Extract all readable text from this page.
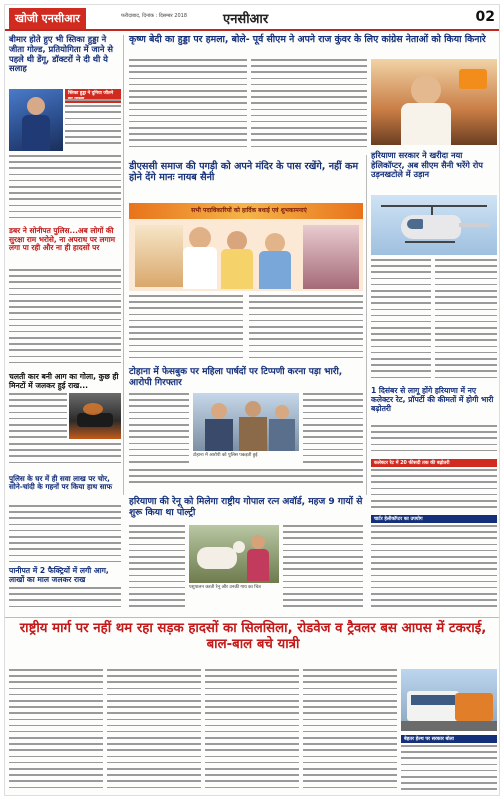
खोजी एनसीआर	फरीदाबाद, दिनांक : दिसम्बर 2018	एनसीआर	02
बीमार होते हुए भी स्तिका हुड्डा ने जीता गोल्ड, प्रतियोगिता में जाने से पहले थी डेंगू, डॉक्टरों ने दी थी ये सलाह
स्तिका हुड्डा ने दुनिया जीतने
डबर ने सोनीपत पुलिस...अब लोगों की सुरक्षा राम भरोसे, ना अपराध पर लगाम लगा पा रही और ना ही हादसों पर
चलती कार बनी आग का गोला, कुछ ही मिनटों में जलकर हुई राख...
पुलिस के घर में ही सवा लाख पर चोर, सोने-चांदी के गहनों पर किया हाथ साफ
पानीपत में 2 फैक्ट्रियों में लगी आग, लाखों का माल जलकर राख
कृष्ण बेदी का हुड्डा पर हमला, बोले- पूर्व सीएम ने अपने राज कुंवर के लिए कांग्रेस नेताओं को किया किनारे
डीएससी समाज की पगड़ी को अपने मंदिर के पास रखेंगे, नहीं कम होने देंगे मानः नायब सैनी
सभी पदाधिकारियों को हार्दिक बधाई एवं शुभकामनाएं
टोहाना में फेसबुक पर महिला पार्षदों पर टिप्पणी करना पड़ा भारी, आरोपी गिरफ्तार
टोहाना में आरोपी को पुलिस पकड़ती हुई
हरियाणा सरकार ने खरीदा नया हेलिकॉप्टर, अब सीएम सैनी भरेंगे रोप उड़नखटोले में उड़ान
1 दिसंबर से लागू होंगे हरियाणा में नए कलेक्टर रेट, प्रॉपर्टी की कीमतों में होगी भारी बढ़ोतरी
कलेक्टर रेट में 20 फीसदी तक की बढ़ोतरी
चार्टर हेलीकॉप्टर का उपयोग
हरियाणा की रेनू को मिलेगा राष्ट्रीय गोपाल रत्न अवॉर्ड, महज 9 गायों से शुरू किया था पोल्ट्री
पशुपालन करती रेनू और उनकी गाय का चित्र
राष्ट्रीय मार्ग पर नहीं थम रहा सड़क हादसों का सिलसिला, रोडवेज व ट्रैवलर बस आपस में टकराई, बाल-बाल बचे यात्री
बेहतर हेल्थ पर सरकार बोला
